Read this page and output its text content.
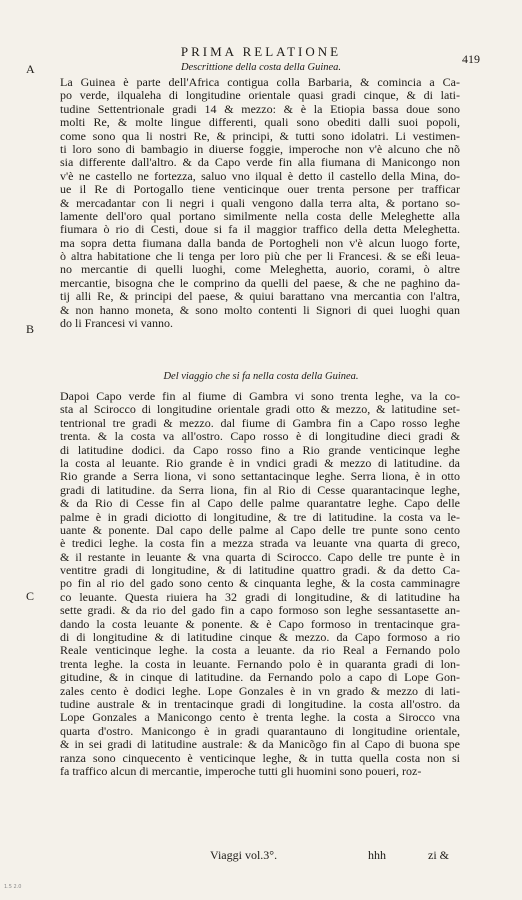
PRIMA RELATIONE	419
A
B
C
Descrittione della costa della Guinea.
La Guinea è parte dell'Africa contigua colla Barbaria, & comincia a Ca-
po verde, ilqualeha di longitudine orientale quasi gradi cinque, & di lati-
tudine Settentrionale gradi 14 & mezzo: & è la Etiopia bassa doue sono
molti Re, & molte lingue differenti, quali sono obediti dalli suoi popoli,
come sono qua li nostri Re, & principi, & tutti sono idolatri. Li vestimen-
ti loro sono di bambagio in diuerse foggie, imperoche non v'è alcuno che nõ
sia differente dall'altro. & da Capo verde fin alla fiumana di Manicongo non
v'è ne castello ne fortezza, saluo vno ilqual è detto il castello della Mina, do-
ue il Re di Portogallo tiene venticinque ouer trenta persone per trafficar
& mercadantar con li negri i quali vengono dalla terra alta, & portano so-
lamente dell'oro qual portano similmente nella costa delle Meleghette alla
fiumara ò rio di Cesti, doue si fa il maggior traffico della detta Meleghetta.
ma sopra detta fiumana dalla banda de Portogheli non v'è alcun luogo forte,
ò altra habitatione che li tenga per loro più che per li Francesi. & se eßi leua-
no mercantie di quelli luoghi, come Meleghetta, auorio, corami, ò altre
mercantie, bisogna che le comprino da quelli del paese, & che ne paghino da-
tij alli Re, & principi del paese, & quiui barattano vna mercantia con l'altra,
& non hanno moneta, & sono molto contenti li Signori di quei luoghi quan
do li Francesi vi vanno.
Del viaggio che si fa nella costa della Guinea.
Dapoi Capo verde fin al fiume di Gambra vi sono trenta leghe, va la co-
sta al Scirocco di longitudine orientale gradi otto & mezzo, & latitudine set-
tentrional tre gradi & mezzo. dal fiume di Gambra fin a Capo rosso leghe
trenta. & la costa va all'ostro. Capo rosso è di longitudine dieci gradi &
di latitudine dodici. da Capo rosso fino a Rio grande venticinque leghe
la costa al leuante. Rio grande è in vndici gradi & mezzo di latitudine. da
Rio grande a Serra liona, vi sono settantacinque leghe. Serra liona, è in otto
gradi di latitudine. da Serra liona, fin al Rio di Cesse quarantacinque leghe,
& da Rio di Cesse fin al Capo delle palme quarantatre leghe. Capo delle
palme è in gradi diciotto di longitudine, & tre di latitudine. la costa va le-
uante & ponente. Dal capo delle palme al Capo delle tre punte sono cento
è tredici leghe. la costa fin a mezza strada va leuante vna quarta di greco,
& il restante in leuante & vna quarta di Scirocco. Capo delle tre punte è in
ventitre gradi di longitudine, & di latitudine quattro gradi. & da detto Ca-
po fin al rio del gado sono cento & cinquanta leghe, & la costa camminagre
co leuante. Questa riuiera ha 32 gradi di longitudine, & di latitudine ha
sette gradi. & da rio del gado fin a capo formoso son leghe sessantasette an-
dando la costa leuante & ponente. & è Capo formoso in trentacinque gra-
di di longitudine & di latitudine cinque & mezzo. da Capo formoso a rio
Reale venticinque leghe. la costa a leuante. da rio Real a Fernando polo
trenta leghe. la costa in leuante. Fernando polo è in quaranta gradi di lon-
gitudine, & in cinque di latitudine. da Fernando polo a capo di Lope Gon-
zales cento è dodici leghe. Lope Gonzales è in vn grado & mezzo di lati-
tudine australe & in trentacinque gradi di longitudine. la costa all'ostro. da
Lope Gonzales a Manicongo cento è trenta leghe. la costa a Sirocco vna
quarta d'ostro. Manicongo è in gradi quarantauno di longitudine orientale,
& in sei gradi di latitudine australe: & da Manicõgo fin al Capo di buona spe
ranza sono cinquecento è venticinque leghe, & in tutta quella costa non si
fa traffico alcun di mercantie, imperoche tutti gli huomini sono poueri, roz-
Viaggi vol.3°.	hhh	zi &
1.5 2.0
